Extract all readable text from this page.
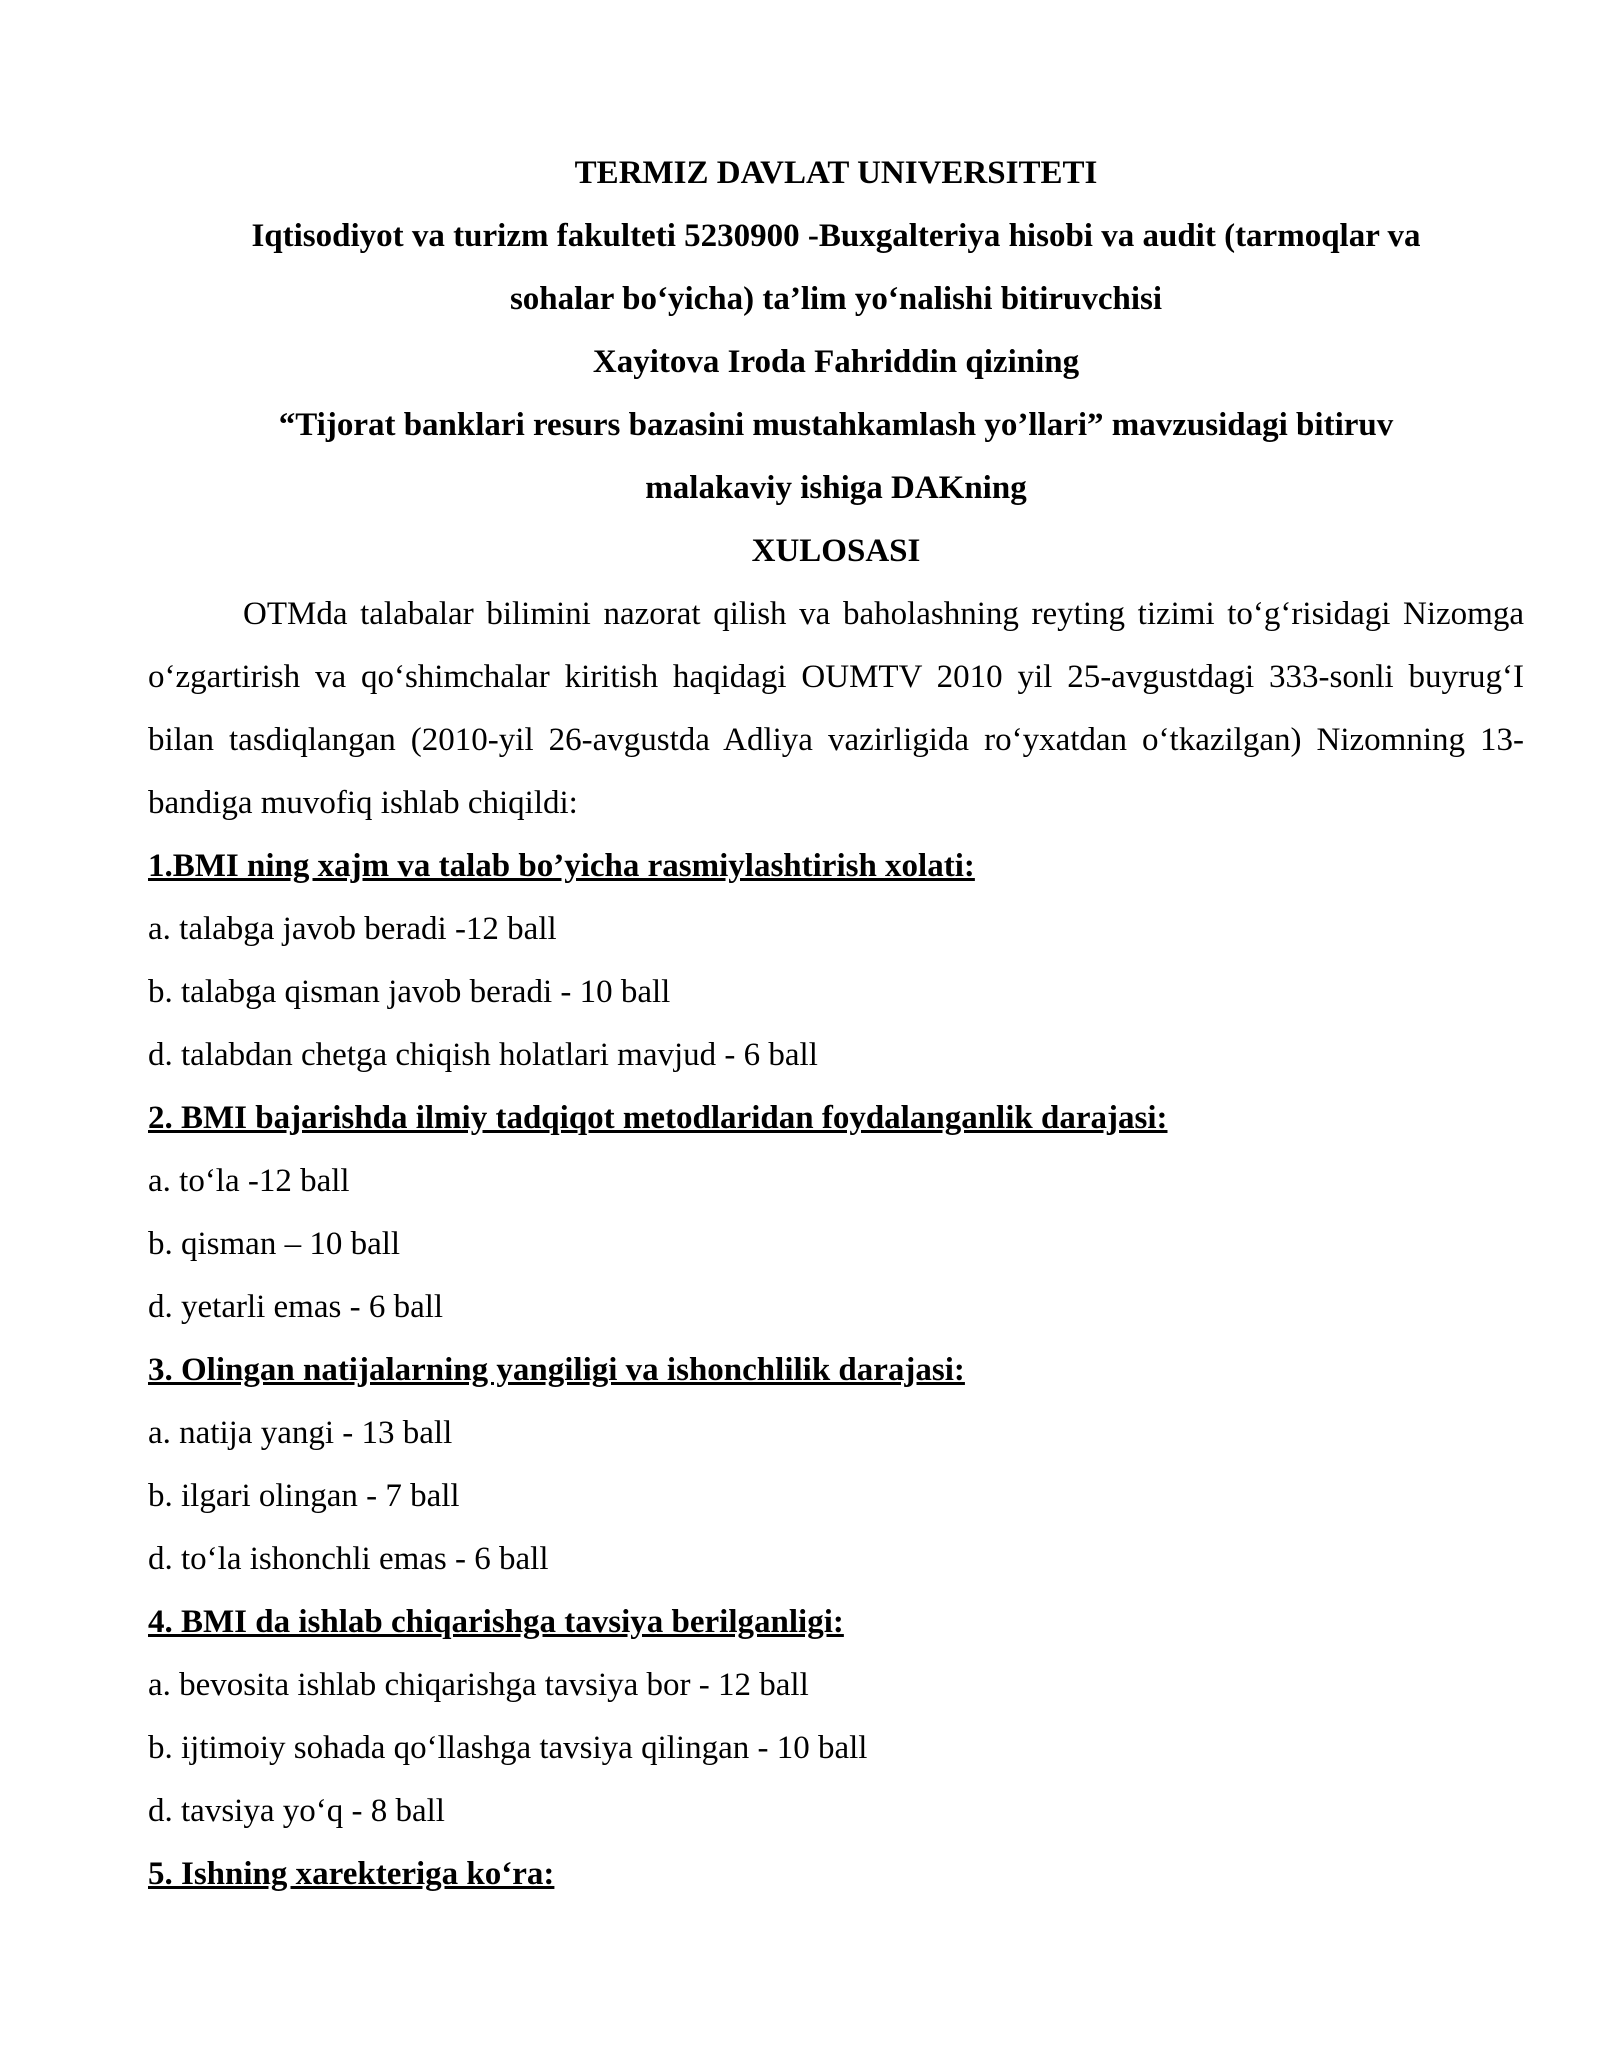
TERMIZ DAVLAT UNIVERSITETI

Iqtisodiyot va turizm fakulteti 5230900 -Buxgalteriya hisobi va audit (tarmoqlar va

sohalar bo‘yicha) ta’lim yo‘nalishi bitiruvchisi

Xayitova Iroda Fahriddin qizining

“Tijorat banklari resurs bazasini mustahkamlash yo’llari” mavzusidagi bitiruv

malakaviy ishiga DAKning

XULOSASI

OTMda talabalar bilimini nazorat qilish va baholashning reyting tizimi to‘g‘risidagi Nizomga o‘zgartirish va qo‘shimchalar kiritish haqidagi OUMTV 2010 yil 25-avgustdagi 333-sonli buyrug‘I bilan tasdiqlangan (2010-yil 26-avgustda Adliya vazirligida ro‘yxatdan o‘tkazilgan) Nizomning 13-bandiga muvofiq ishlab chiqildi:

1.BMI ning xajm va talab bo’yicha rasmiylashtirish xolati:

a. talabga javob beradi -12 ball

b. talabga qisman javob beradi - 10 ball

d. talabdan chetga chiqish holatlari mavjud - 6 ball

2. BMI bajarishda ilmiy tadqiqot metodlaridan foydalanganlik darajasi:

a. to‘la -12 ball

b. qisman – 10 ball

d. yetarli emas - 6 ball

3. Olingan natijalarning yangiligi va ishonchlilik darajasi:

a. natija yangi - 13 ball

b. ilgari olingan - 7 ball

d. to‘la ishonchli emas - 6 ball

4. BMI da ishlab chiqarishga tavsiya berilganligi:

a. bevosita ishlab chiqarishga tavsiya bor - 12 ball

b. ijtimoiy sohada qo‘llashga tavsiya qilingan - 10 ball

d. tavsiya yo‘q - 8 ball

5. Ishning xarekteriga ko‘ra:
